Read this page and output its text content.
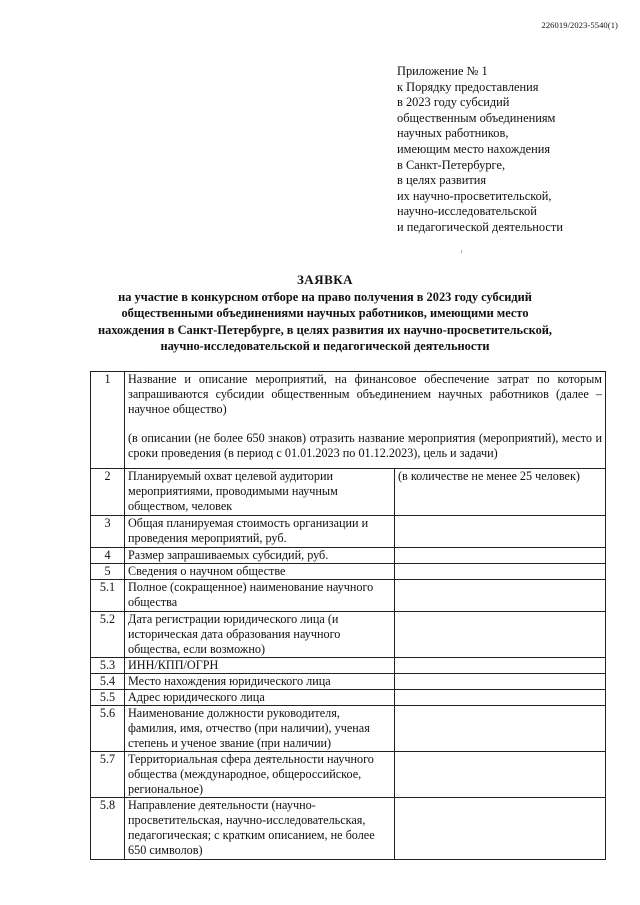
226019/2023-5540(1)
Приложение № 1
к Порядку предоставления
в 2023 году субсидий
общественным объединениям
научных работников,
имеющим место нахождения
в Санкт-Петербурге,
в целях развития
их научно-просветительской,
научно-исследовательской
и педагогической деятельности
ЗАЯВКА
на участие в конкурсном отборе на право получения в 2023 году субсидий
общественными объединениями научных работников, имеющими место
нахождения в Санкт-Петербурге, в целях развития их научно-просветительской,
научно-исследовательской и педагогической деятельности
1	Название и описание мероприятий, на финансовое обеспечение затрат по которым запрашиваются субсидии общественным объединением научных работников (далее – научное общество)

(в описании (не более 650 знаков) отразить название мероприятия (мероприятий), место и сроки проведения (в период с 01.01.2023 по 01.12.2023), цель и задачи)	

2	Планируемый охват целевой аудитории мероприятиями, проводимыми научным обществом, человек	(в количестве не менее 25 человек)
3	Общая планируемая стоимость организации и проведения мероприятий, руб.	
4	Размер запрашиваемых субсидий, руб.	
5	Сведения о научном обществе	
5.1	Полное (сокращенное) наименование научного общества	
5.2	Дата регистрации юридического лица (и историческая дата образования научного общества, если возможно)	
5.3	ИНН/КПП/ОГРН	
5.4	Место нахождения юридического лица	
5.5	Адрес юридического лица	
5.6	Наименование должности руководителя, фамилия, имя, отчество (при наличии), ученая степень и ученое звание (при наличии)	
5.7	Территориальная сфера деятельности научного общества (международное, общероссийское, региональное)	
5.8	Направление деятельности (научно-просветительская, научно-исследовательская, педагогическая; с кратким описанием, не более 650 символов)	
